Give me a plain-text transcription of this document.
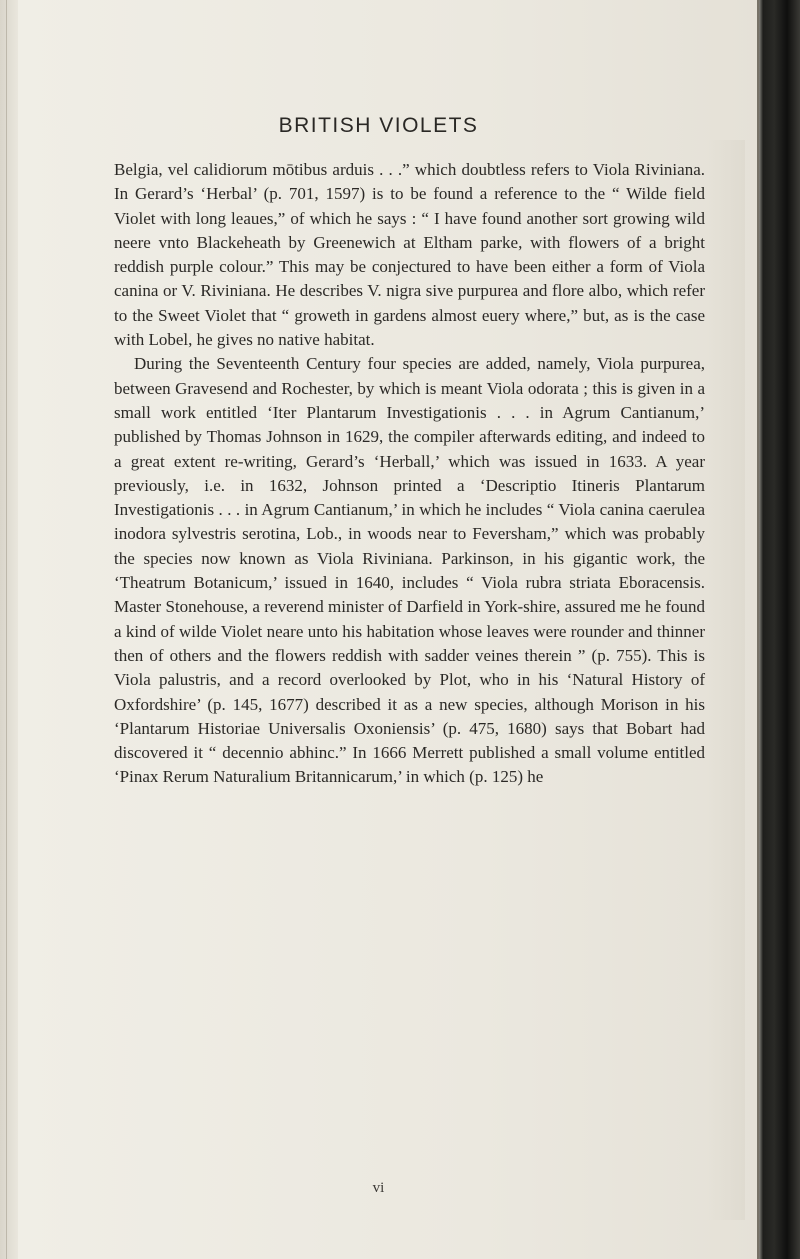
BRITISH VIOLETS

Belgia, vel calidiorum mōtibus arduis . . .” which doubtless refers to Viola Riviniana. In Gerard’s ‘Herbal’ (p. 701, 1597) is to be found a reference to the “ Wilde field Violet with long leaues,” of which he says : “ I have found another sort growing wild neere vnto Blackeheath by Greenewich at Eltham parke, with flowers of a bright reddish purple colour.” This may be conjectured to have been either a form of Viola canina or V. Riviniana. He describes V. nigra sive purpurea and flore albo, which refer to the Sweet Violet that “ groweth in gardens almost euery where,” but, as is the case with Lobel, he gives no native habitat.

During the Seventeenth Century four species are added, namely, Viola purpurea, between Gravesend and Rochester, by which is meant Viola odorata ; this is given in a small work entitled ‘Iter Plantarum Investigationis . . . in Agrum Cantianum,’ published by Thomas Johnson in 1629, the compiler afterwards editing, and indeed to a great extent re-writing, Gerard’s ‘Herball,’ which was issued in 1633. A year previously, i.e. in 1632, Johnson printed a ‘Descriptio Itineris Plantarum Investigationis . . . in Agrum Cantianum,’ in which he includes “ Viola canina caerulea inodora sylvestris serotina, Lob., in woods near to Feversham,” which was probably the species now known as Viola Riviniana. Parkinson, in his gigantic work, the ‘Theatrum Botanicum,’ issued in 1640, includes “ Viola rubra striata Eboracensis. Master Stonehouse, a reverend minister of Darfield in York-shire, assured me he found a kind of wilde Violet neare unto his habitation whose leaves were rounder and thinner then of others and the flowers reddish with sadder veines therein ” (p. 755). This is Viola palustris, and a record overlooked by Plot, who in his ‘Natural History of Oxfordshire’ (p. 145, 1677) described it as a new species, although Morison in his ‘Plantarum Historiae Universalis Oxoniensis’ (p. 475, 1680) says that Bobart had discovered it “ decennio abhinc.” In 1666 Merrett published a small volume entitled ‘Pinax Rerum Naturalium Britannicarum,’ in which (p. 125) he

vi
